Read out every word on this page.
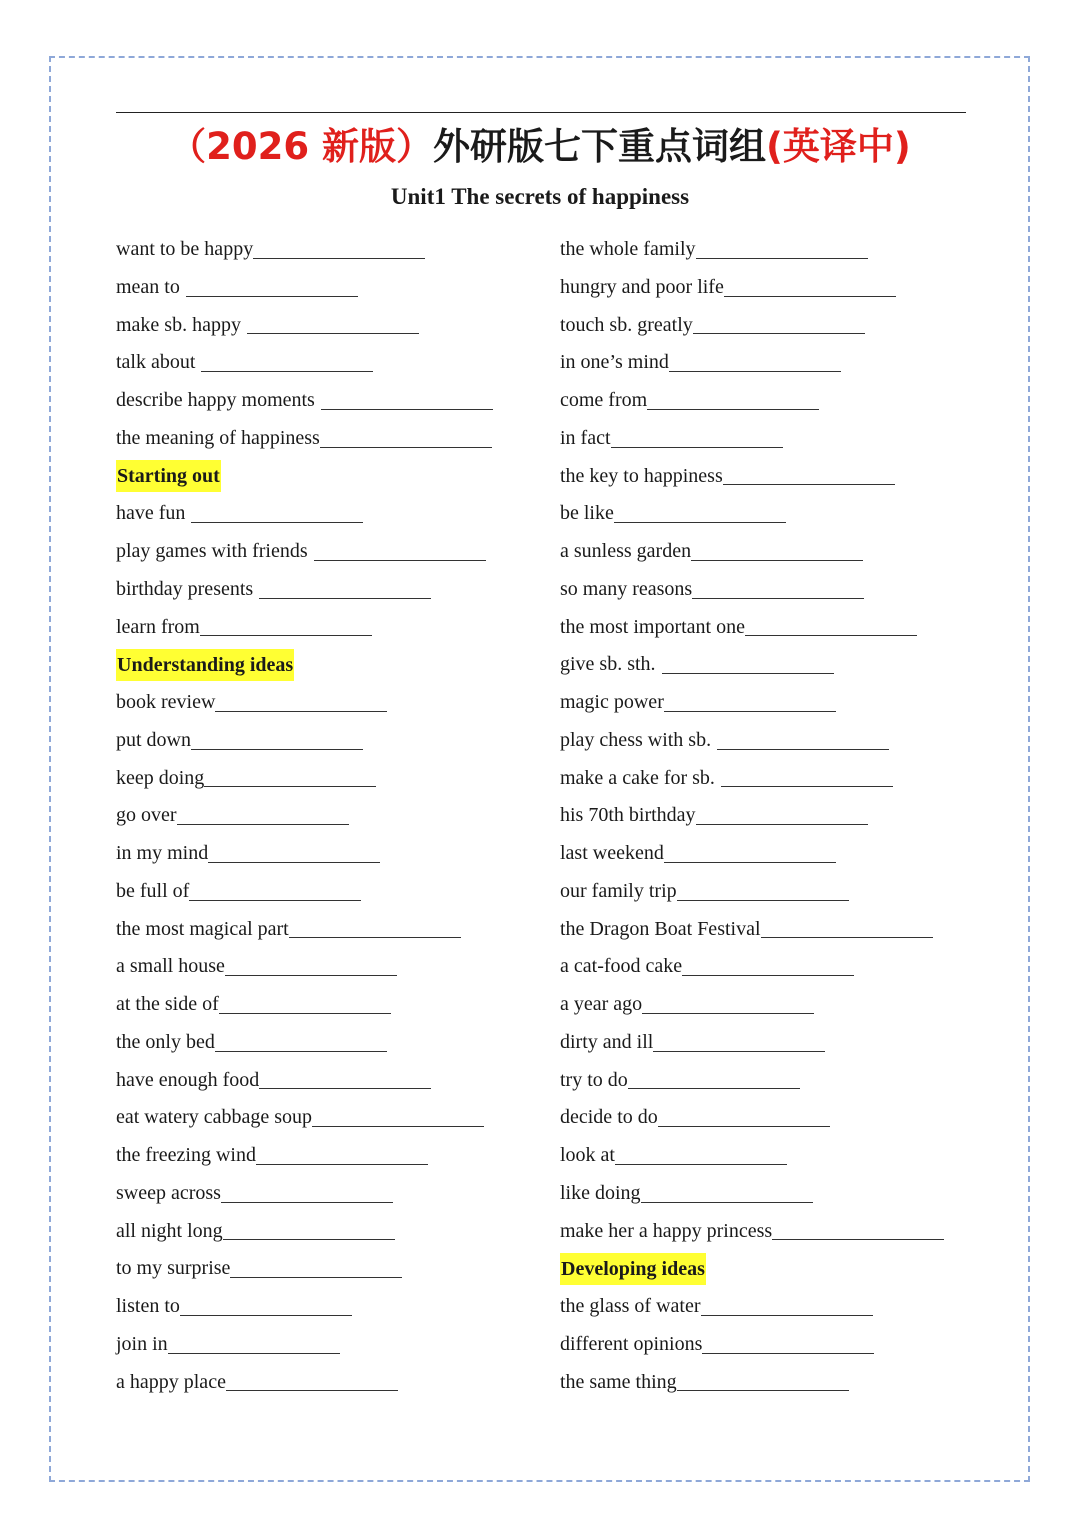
（2026 新版）外研版七下重点词组(英译中)
Unit1 The secrets of happiness
want to be happy
mean to
make sb. happy
talk about
describe happy moments
the meaning of happiness
Starting out
have fun
play games with friends
birthday presents
learn from
Understanding ideas
book review
put down
keep doing
go over
in my mind
be full of
the most magical part
a small house
at the side of
the only bed
have enough food
eat watery cabbage soup
the freezing wind
sweep across
all night long
to my surprise
listen to
join in
a happy place
the whole family
hungry and poor life
touch sb. greatly
in one’s mind
come from
in fact
the key to happiness
be like
a sunless garden
so many reasons
the most important one
give sb. sth.
magic power
play chess with sb.
make a cake for sb.
his 70th birthday
last weekend
our family trip
the Dragon Boat Festival
a cat-food cake
a year ago
dirty and ill
try to do
decide to do
look at
like doing
make her a happy princess
Developing ideas
the glass of water
different opinions
the same thing
